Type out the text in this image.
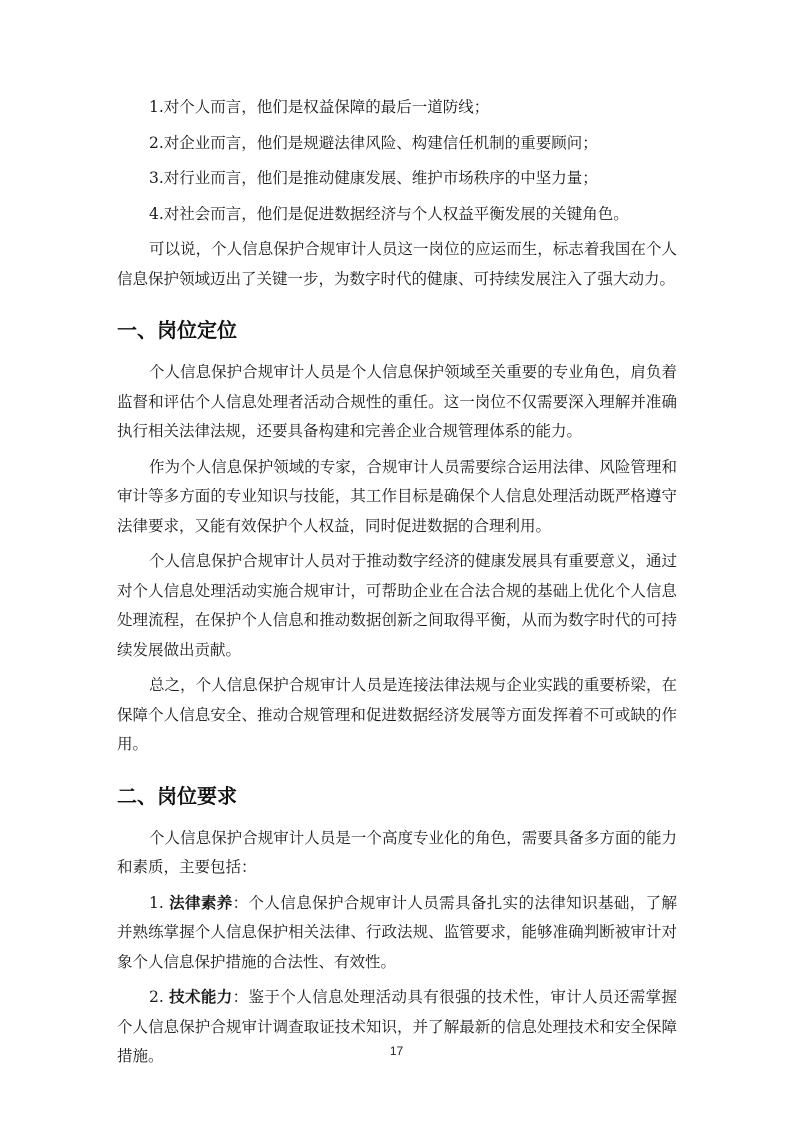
1.对个人而言，他们是权益保障的最后一道防线；

2.对企业而言，他们是规避法律风险、构建信任机制的重要顾问；

3.对行业而言，他们是推动健康发展、维护市场秩序的中坚力量；

4.对社会而言，他们是促进数据经济与个人权益平衡发展的关键角色。

可以说，个人信息保护合规审计人员这一岗位的应运而生，标志着我国在个人信息保护领域迈出了关键一步，为数字时代的健康、可持续发展注入了强大动力。

一、岗位定位

个人信息保护合规审计人员是个人信息保护领域至关重要的专业角色，肩负着监督和评估个人信息处理者活动合规性的重任。这一岗位不仅需要深入理解并准确执行相关法律法规，还要具备构建和完善企业合规管理体系的能力。

作为个人信息保护领域的专家，合规审计人员需要综合运用法律、风险管理和审计等多方面的专业知识与技能，其工作目标是确保个人信息处理活动既严格遵守法律要求，又能有效保护个人权益，同时促进数据的合理利用。

个人信息保护合规审计人员对于推动数字经济的健康发展具有重要意义，通过对个人信息处理活动实施合规审计，可帮助企业在合法合规的基础上优化个人信息处理流程，在保护个人信息和推动数据创新之间取得平衡，从而为数字时代的可持续发展做出贡献。

总之，个人信息保护合规审计人员是连接法律法规与企业实践的重要桥梁，在保障个人信息安全、推动合规管理和促进数据经济发展等方面发挥着不可或缺的作用。

二、岗位要求

个人信息保护合规审计人员是一个高度专业化的角色，需要具备多方面的能力和素质，主要包括：

1. 法律素养：个人信息保护合规审计人员需具备扎实的法律知识基础，了解并熟练掌握个人信息保护相关法律、行政法规、监管要求，能够准确判断被审计对象个人信息保护措施的合法性、有效性。

2. 技术能力：鉴于个人信息处理活动具有很强的技术性，审计人员还需掌握个人信息保护合规审计调查取证技术知识，并了解最新的信息处理技术和安全保障措施。	17
